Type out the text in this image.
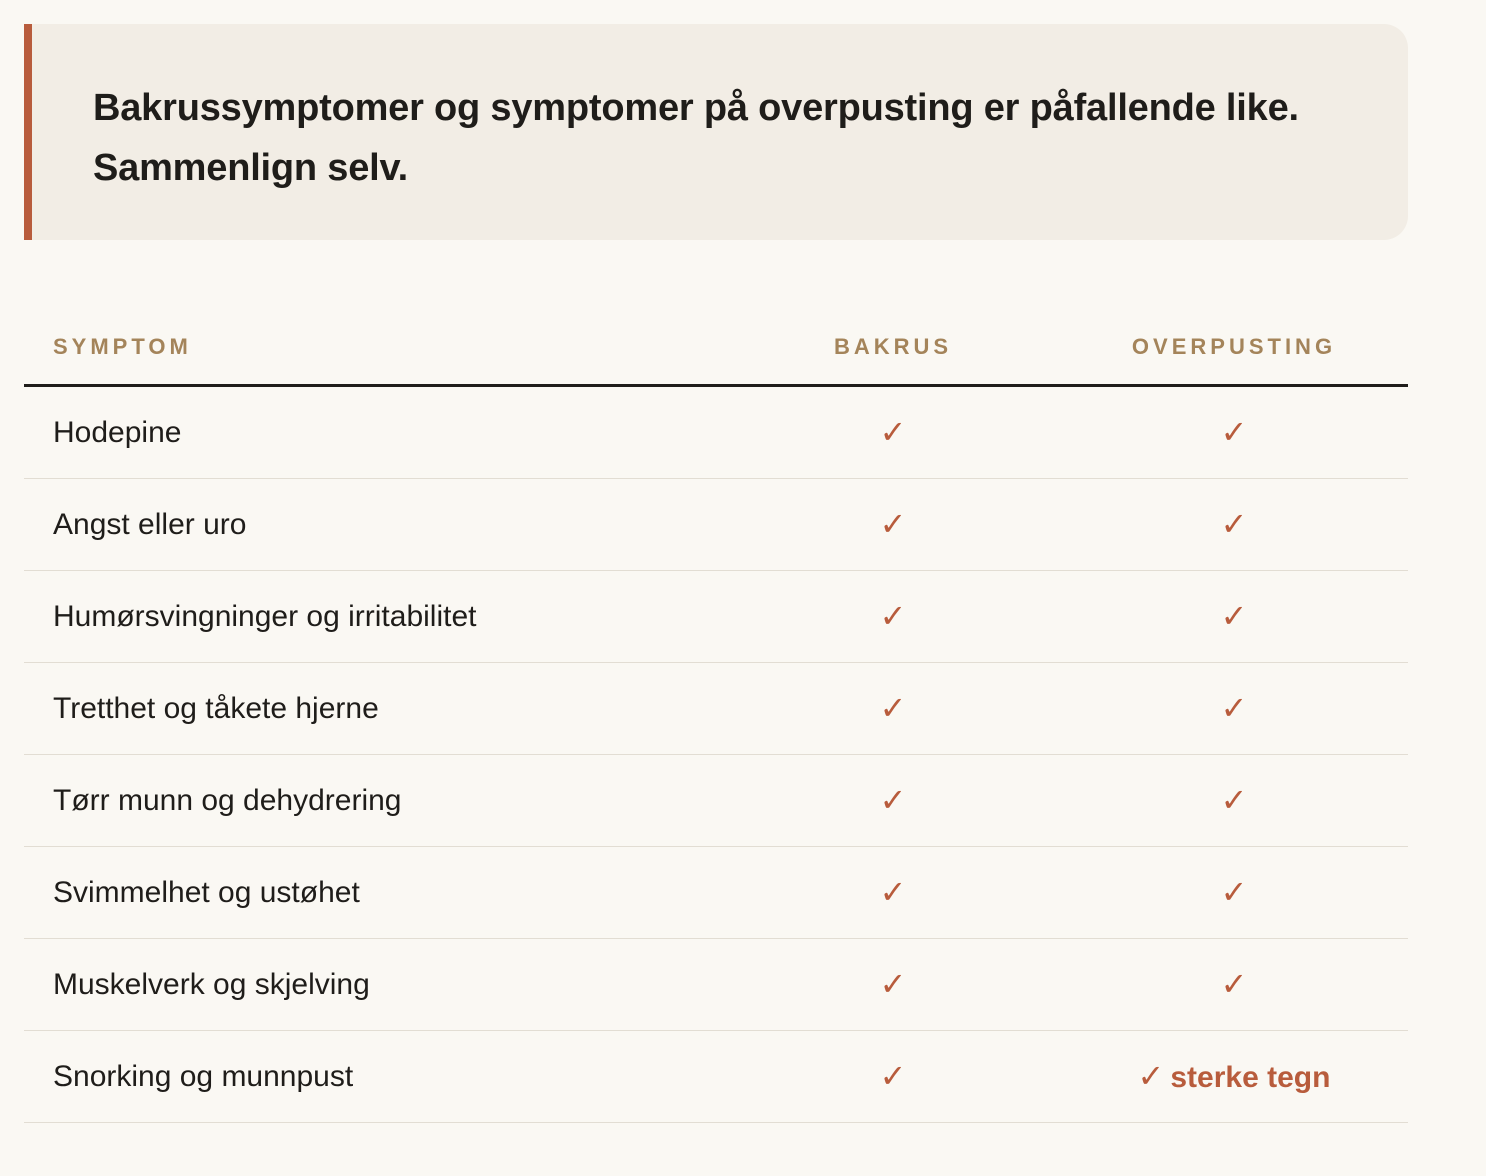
Bakrussymptomer og symptomer på overpusting er påfallende like. Sammenlign selv.

SYMPTOM	BAKRUS	OVERPUSTING
Hodepine	✓	✓
Angst eller uro	✓	✓
Humørsvingninger og irritabilitet	✓	✓
Tretthet og tåkete hjerne	✓	✓
Tørr munn og dehydrering	✓	✓
Svimmelhet og ustøhet	✓	✓
Muskelverk og skjelving	✓	✓
Snorking og munnpust	✓	✓ sterke tegn
